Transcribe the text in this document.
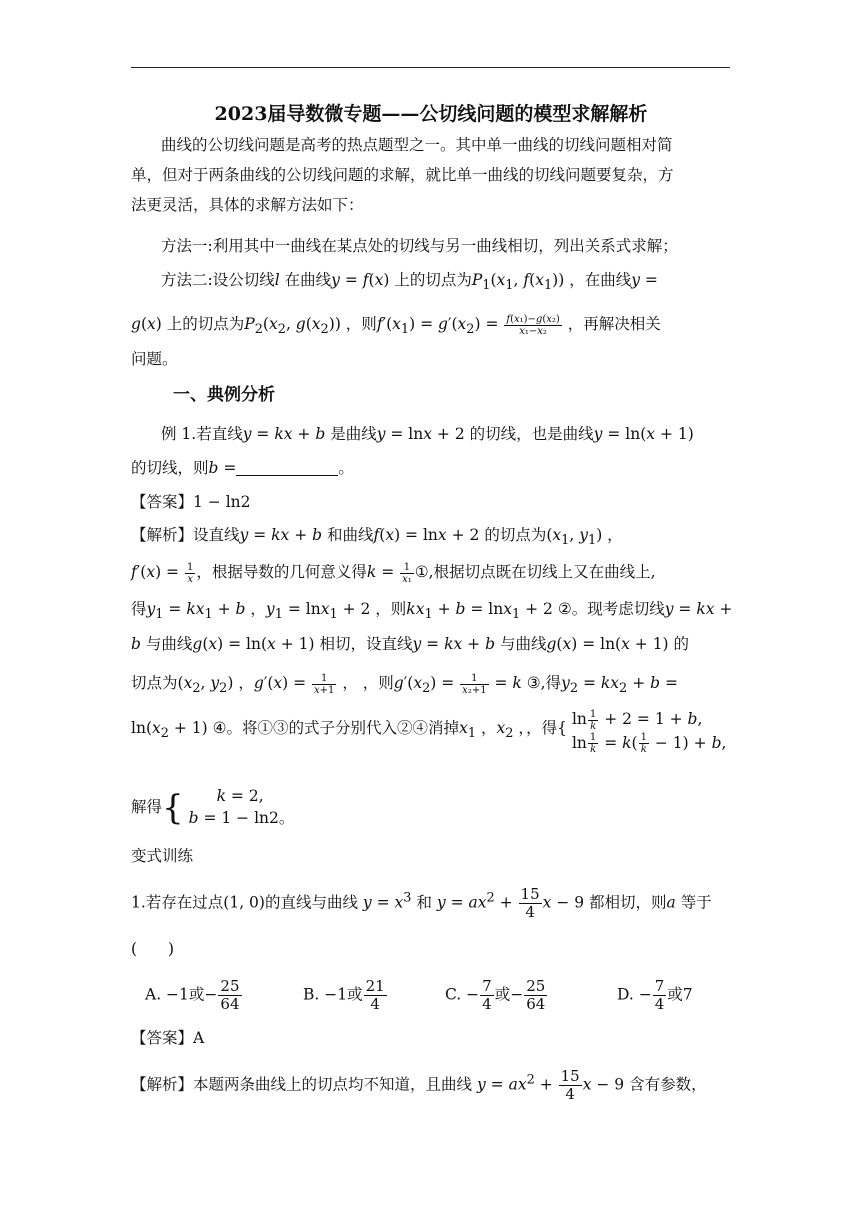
2023届导数微专题——公切线问题的模型求解解析
曲线的公切线问题是高考的热点题型之一。其中单一曲线的切线问题相对简
单，但对于两条曲线的公切线问题的求解，就比单一曲线的切线问题要复杂，方
法更灵活，具体的求解方法如下：
方法一:利用其中一曲线在某点处的切线与另一曲线相切，列出关系式求解；
方法二:设公切线l 在曲线y = f(x) 上的切点为$P_1(x_1$, $f(x_1)$) ，在曲线y =
g(x) 上的切点为$P_2(x_2$, $g(x_2)$) ，则$f'(x_1) = g'(x_2) = \frac{\text{f(x₁)−g(x₂)}}{\text{x₁−x₂}}$ ，再解决相关
问题。
一、典例分析
例 1.若直线y = kx + b 是曲线y = lnx + 2 的切线，也是曲线y = ln(x + 1)
的切线，则b =	。
【答案】1 − ln2
【解析】设直线y = kx + b 和曲线f(x) = lnx + 2 的切点为($x_1$, $y_1$) ，
$f'(x) = \frac{1}{x}$ ，根据导数的几何意义得$k = \frac{1}{\text{x₁}}$ ①,根据切点既在切线上又在曲线上,
得$y_1 = kx_1 + b$ ，$y_1 = \ln x_1 + 2$ ，则$kx_1 + b = \ln x_1 + 2$ ②。现考虑切线y = kx +
b 与曲线g(x) = ln(x + 1) 相切，设直线y = kx + b 与曲线g(x) = ln(x + 1) 的
切点为($x_2$, $y_2$) ，$g'(x) = \frac{1}{x+1}$ ， ，则$g'(x_2) = \frac{1}{\text{x₂+1}} = k$ ③,得$y_2 = kx_2 + b$ =
$\ln(x_2 + 1)$ ④。将①③的式子分别代入②④消掉$x_1$ ，$x_2$ ，，得{
$\ln \frac{1}{k} + 2 = 1 + b$,
$\ln \frac{1}{k} = k( \frac{1}{k} - 1) + b$,
解得{	k = 2,
b = 1 − ln2。
变式训练
1.若存在过点(1, 0)的直线与曲线 $y = x^3$ 和 $y = ax^2 + \frac{15}{4}$ x − 9 都相切，则a 等于
(　　)
A. −1或− $\frac{25}{64}$	B. −1或 $\frac{21}{4}$	C. − $\frac{7}{4}$ 或− $\frac{25}{64}$	D. − $\frac{7}{4}$ 或7
【答案】A
【解析】本题两条曲线上的切点均不知道，且曲线 $y = ax^2 + \frac{15}{4}$ x − 9 含有参数，
